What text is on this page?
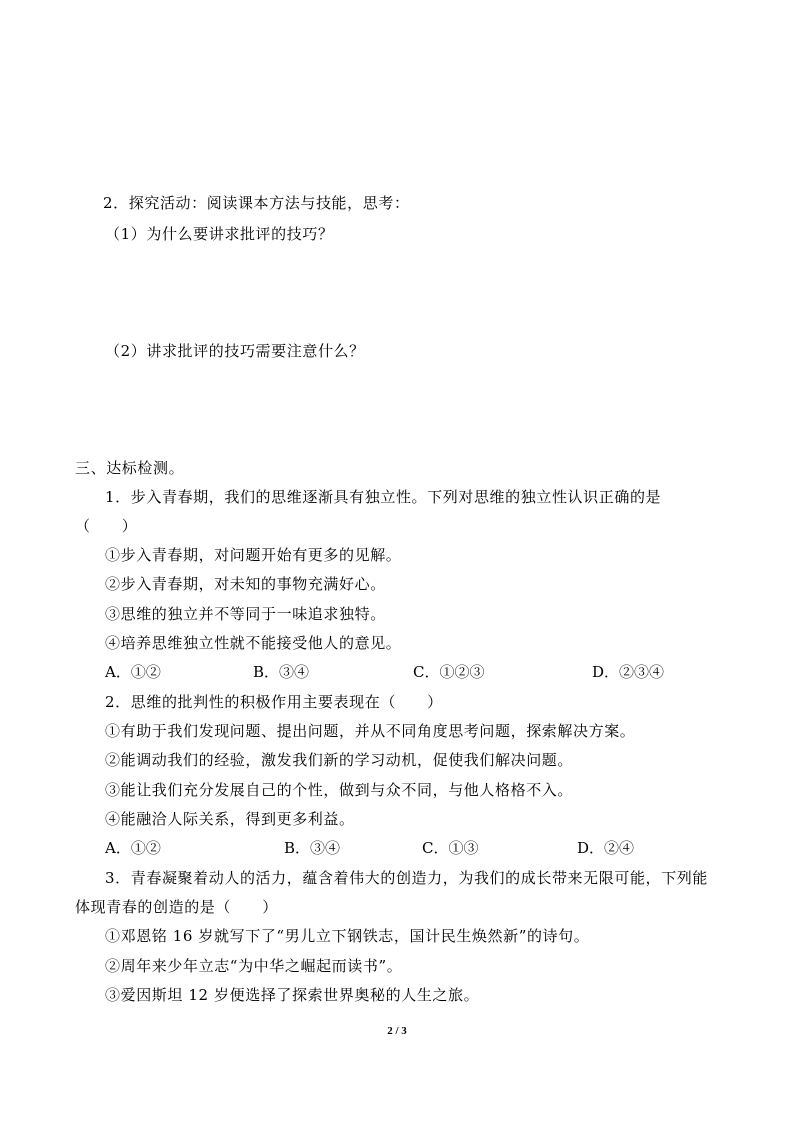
2．探究活动：阅读课本方法与技能，思考：
（1）为什么要讲求批评的技巧？
（2）讲求批评的技巧需要注意什么？
三、达标检测。
1．步入青春期，我们的思维逐渐具有独立性。下列对思维的独立性认识正确的是
（　　）
①步入青春期，对问题开始有更多的见解。
②步入青春期，对未知的事物充满好心。
③思维的独立并不等同于一味追求独特。
④培养思维独立性就不能接受他人的意见。
A．①②	B．③④	C．①②③	D．②③④
2．思维的批判性的积极作用主要表现在（　　）
①有助于我们发现问题、提出问题，并从不同角度思考问题，探索解决方案。
②能调动我们的经验，激发我们新的学习动机，促使我们解决问题。
③能让我们充分发展自己的个性，做到与众不同，与他人格格不入。
④能融洽人际关系，得到更多利益。
A．①②	B．③④	C．①③	D．②④
3．青春凝聚着动人的活力，蕴含着伟大的创造力，为我们的成长带来无限可能，下列能
体现青春的创造的是（　　）
①邓恩铭 16 岁就写下了“男儿立下钢铁志，国计民生焕然新”的诗句。
②周年来少年立志“为中华之崛起而读书”。
③爱因斯坦 12 岁便选择了探索世界奥秘的人生之旅。
2 / 3
